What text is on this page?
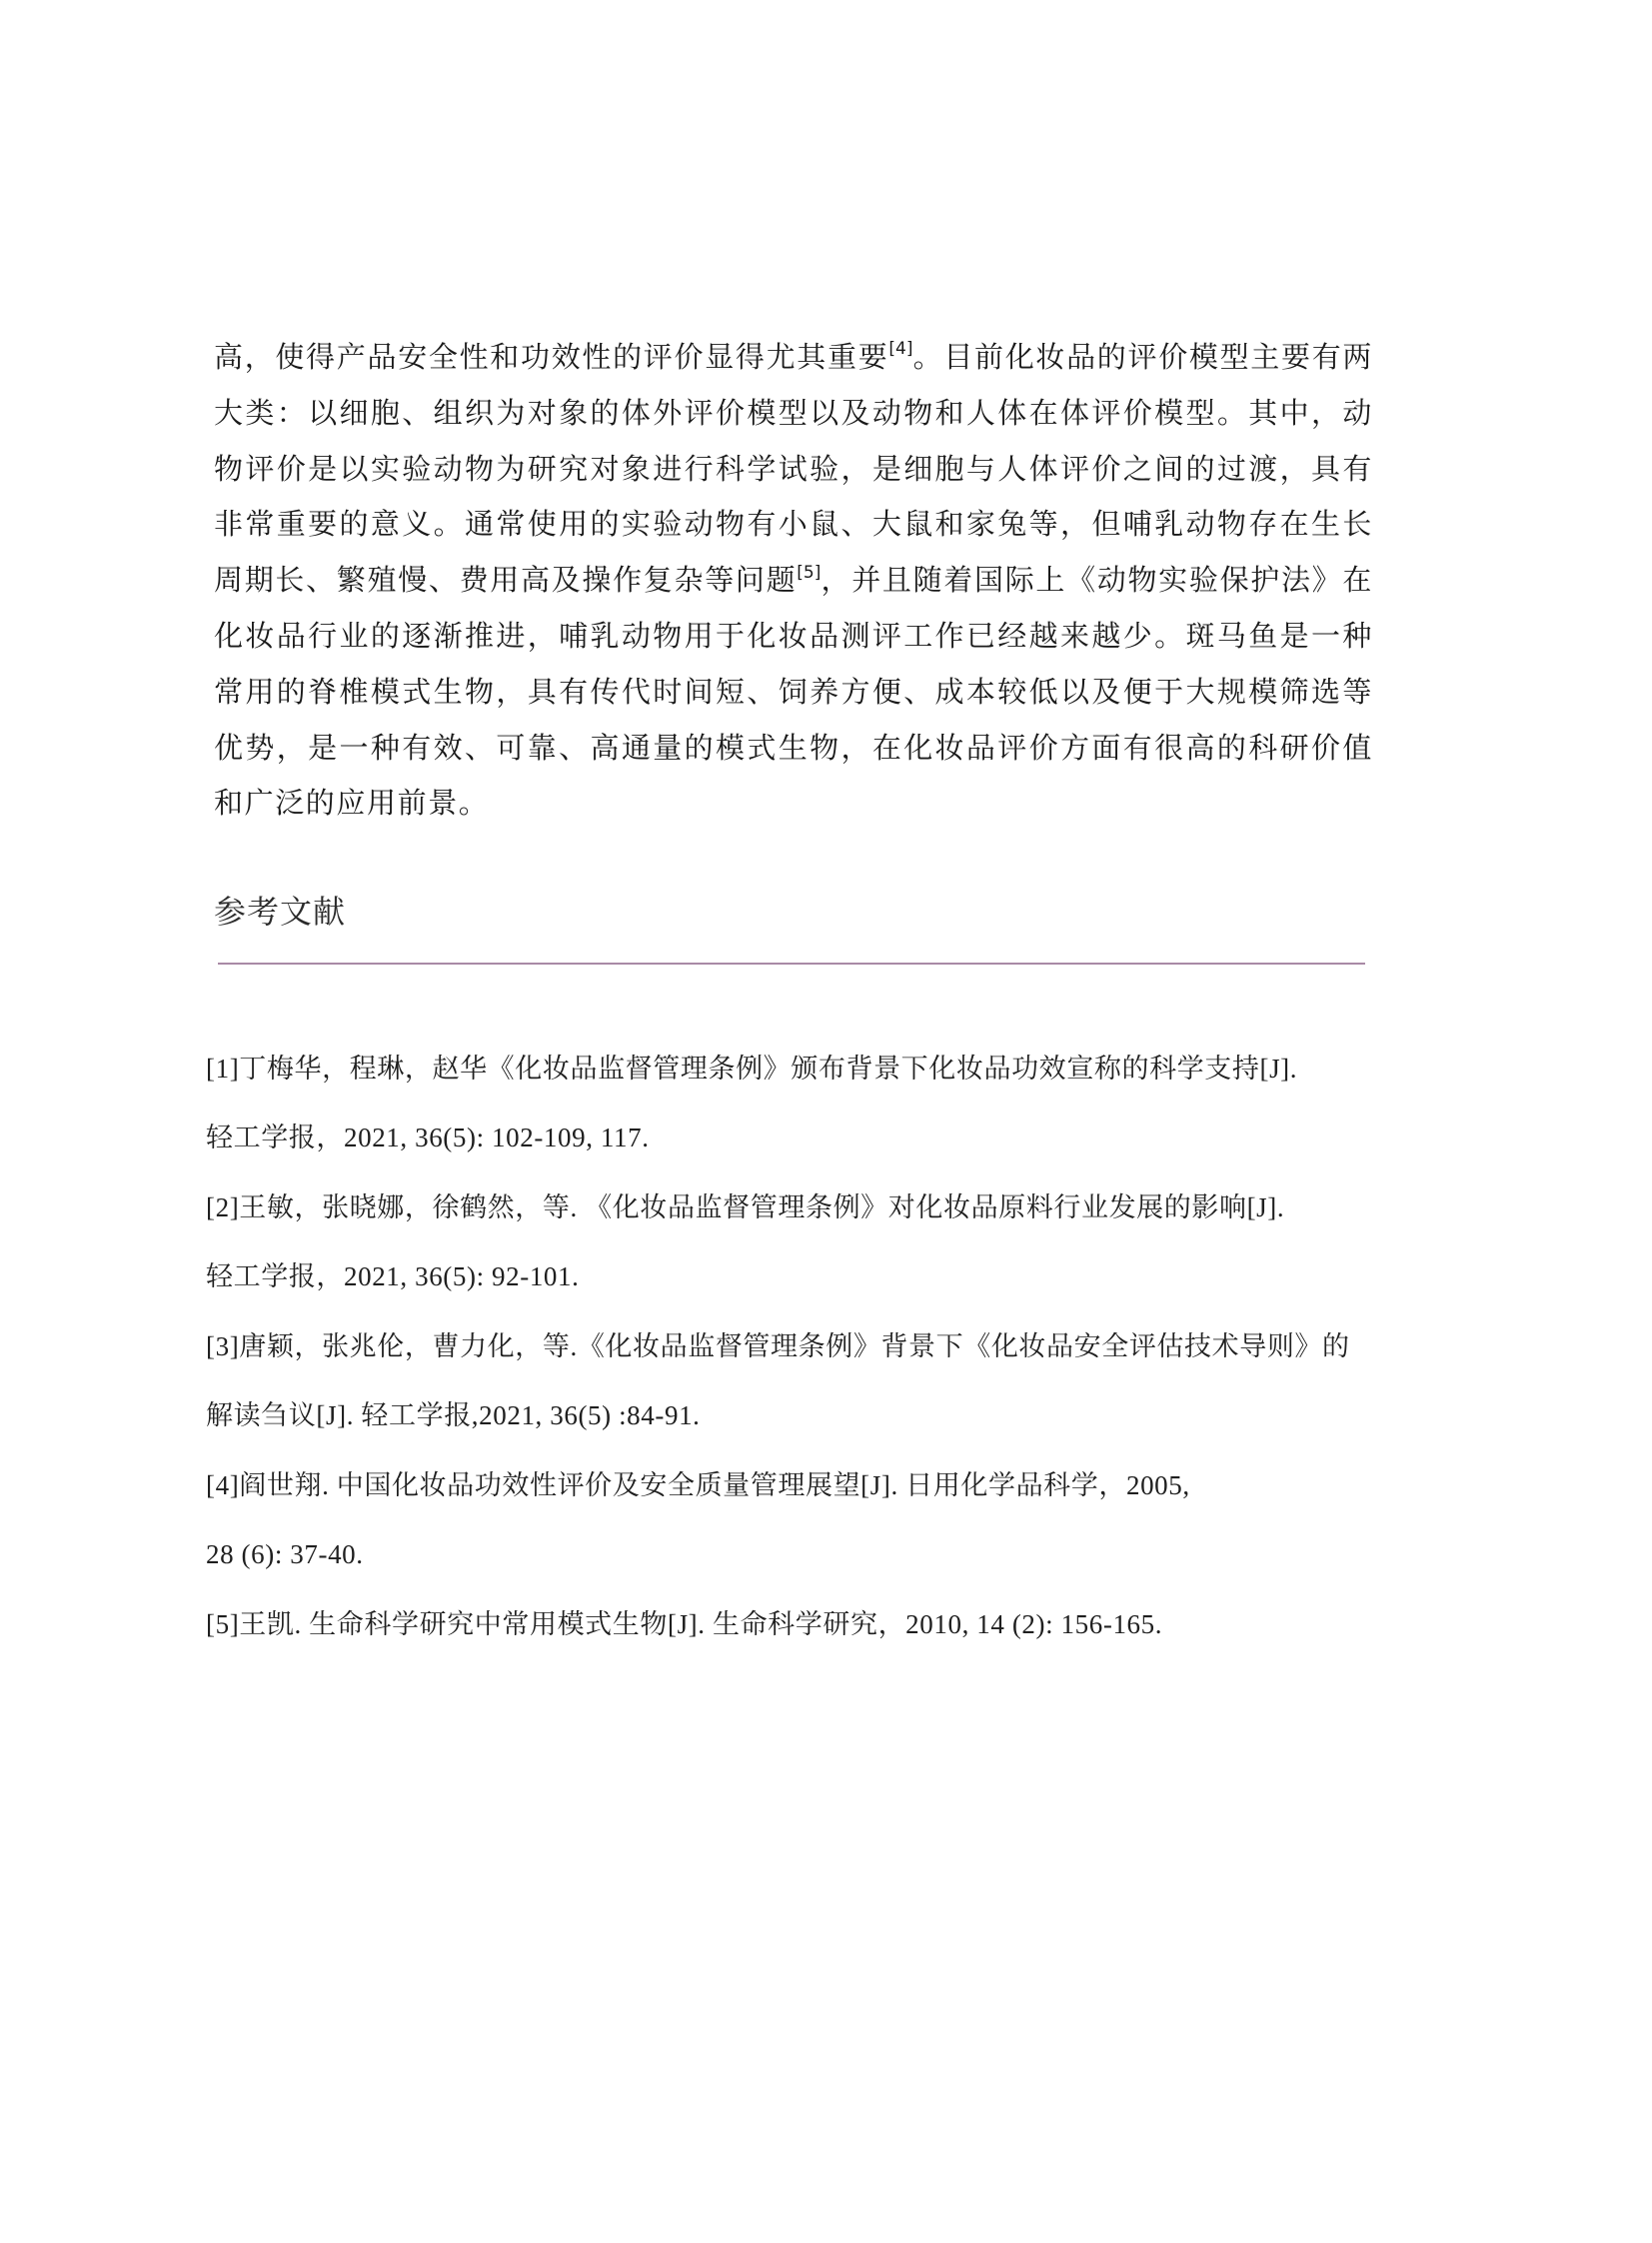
高，使得产品安全性和功效性的评价显得尤其重要[4]。目前化妆品的评价模型主要有两大类：以细胞、组织为对象的体外评价模型以及动物和人体在体评价模型。其中，动物评价是以实验动物为研究对象进行科学试验，是细胞与人体评价之间的过渡，具有非常重要的意义。通常使用的实验动物有小鼠、大鼠和家兔等，但哺乳动物存在生长周期长、繁殖慢、费用高及操作复杂等问题[5]，并且随着国际上《动物实验保护法》在化妆品行业的逐渐推进，哺乳动物用于化妆品测评工作已经越来越少。斑马鱼是一种常用的脊椎模式生物，具有传代时间短、饲养方便、成本较低以及便于大规模筛选等优势，是一种有效、可靠、高通量的模式生物，在化妆品评价方面有很高的科研价值和广泛的应用前景。

参考文献

[1]丁梅华，程琳，赵华《化妆品监督管理条例》颁布背景下化妆品功效宣称的科学支持[J].

轻工学报，2021, 36(5): 102-109, 117.

[2]王敏，张晓娜，徐鹤然，等. 《化妆品监督管理条例》对化妆品原料行业发展的影响[J].

轻工学报，2021, 36(5): 92-101.

[3]唐颖，张兆伦，曹力化，等.《化妆品监督管理条例》背景下《化妆品安全评估技术导则》的

解读刍议[J]. 轻工学报,2021, 36(5) :84-91.

[4]阎世翔. 中国化妆品功效性评价及安全质量管理展望[J]. 日用化学品科学，2005,

28 (6): 37-40.

[5]王凯. 生命科学研究中常用模式生物[J]. 生命科学研究，2010, 14 (2): 156-165.
